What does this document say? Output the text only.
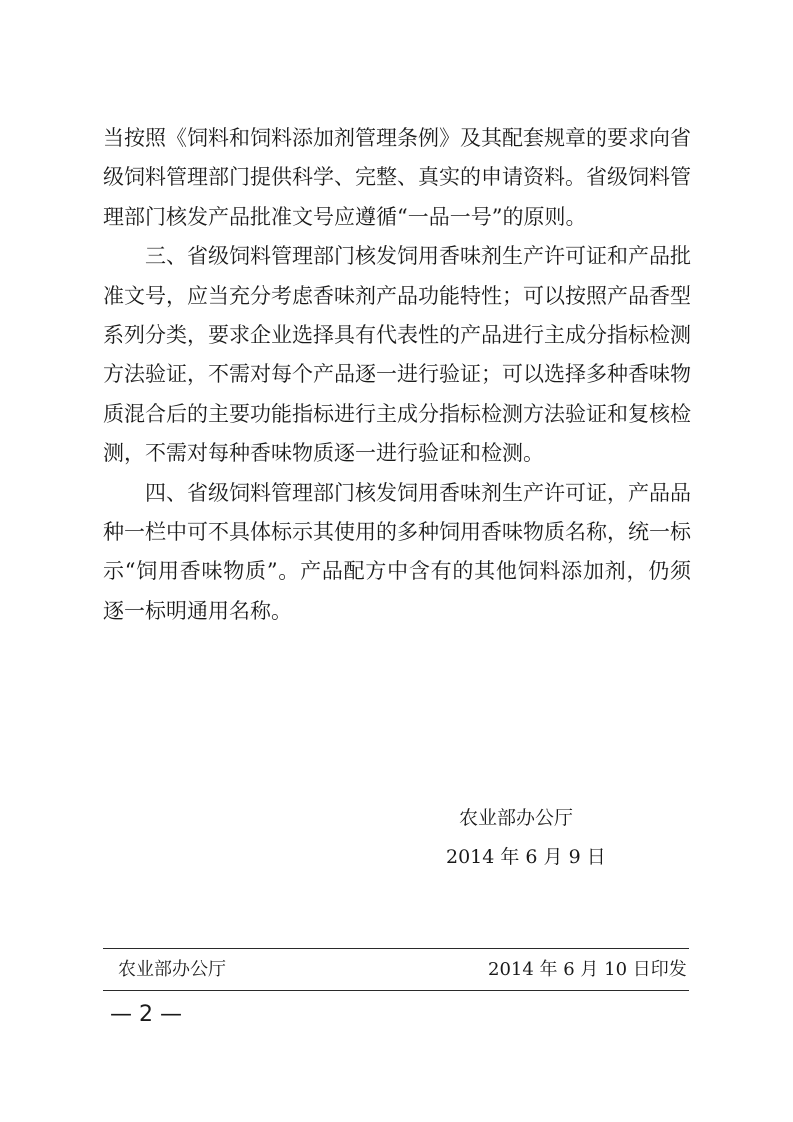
当按照《饲料和饲料添加剂管理条例》及其配套规章的要求向省级饲料管理部门提供科学、完整、真实的申请资料。省级饲料管理部门核发产品批准文号应遵循“一品一号”的原则。

三、省级饲料管理部门核发饲用香味剂生产许可证和产品批准文号，应当充分考虑香味剂产品功能特性；可以按照产品香型系列分类，要求企业选择具有代表性的产品进行主成分指标检测方法验证，不需对每个产品逐一进行验证；可以选择多种香味物质混合后的主要功能指标进行主成分指标检测方法验证和复核检测，不需对每种香味物质逐一进行验证和检测。

四、省级饲料管理部门核发饲用香味剂生产许可证，产品品种一栏中可不具体标示其使用的多种饲用香味物质名称，统一标示“饲用香味物质”。产品配方中含有的其他饲料添加剂，仍须逐一标明通用名称。

农业部办公厅
2014 年 6 月 9 日
农业部办公厅	2014 年 6 月 10 日印发
— 2 —
